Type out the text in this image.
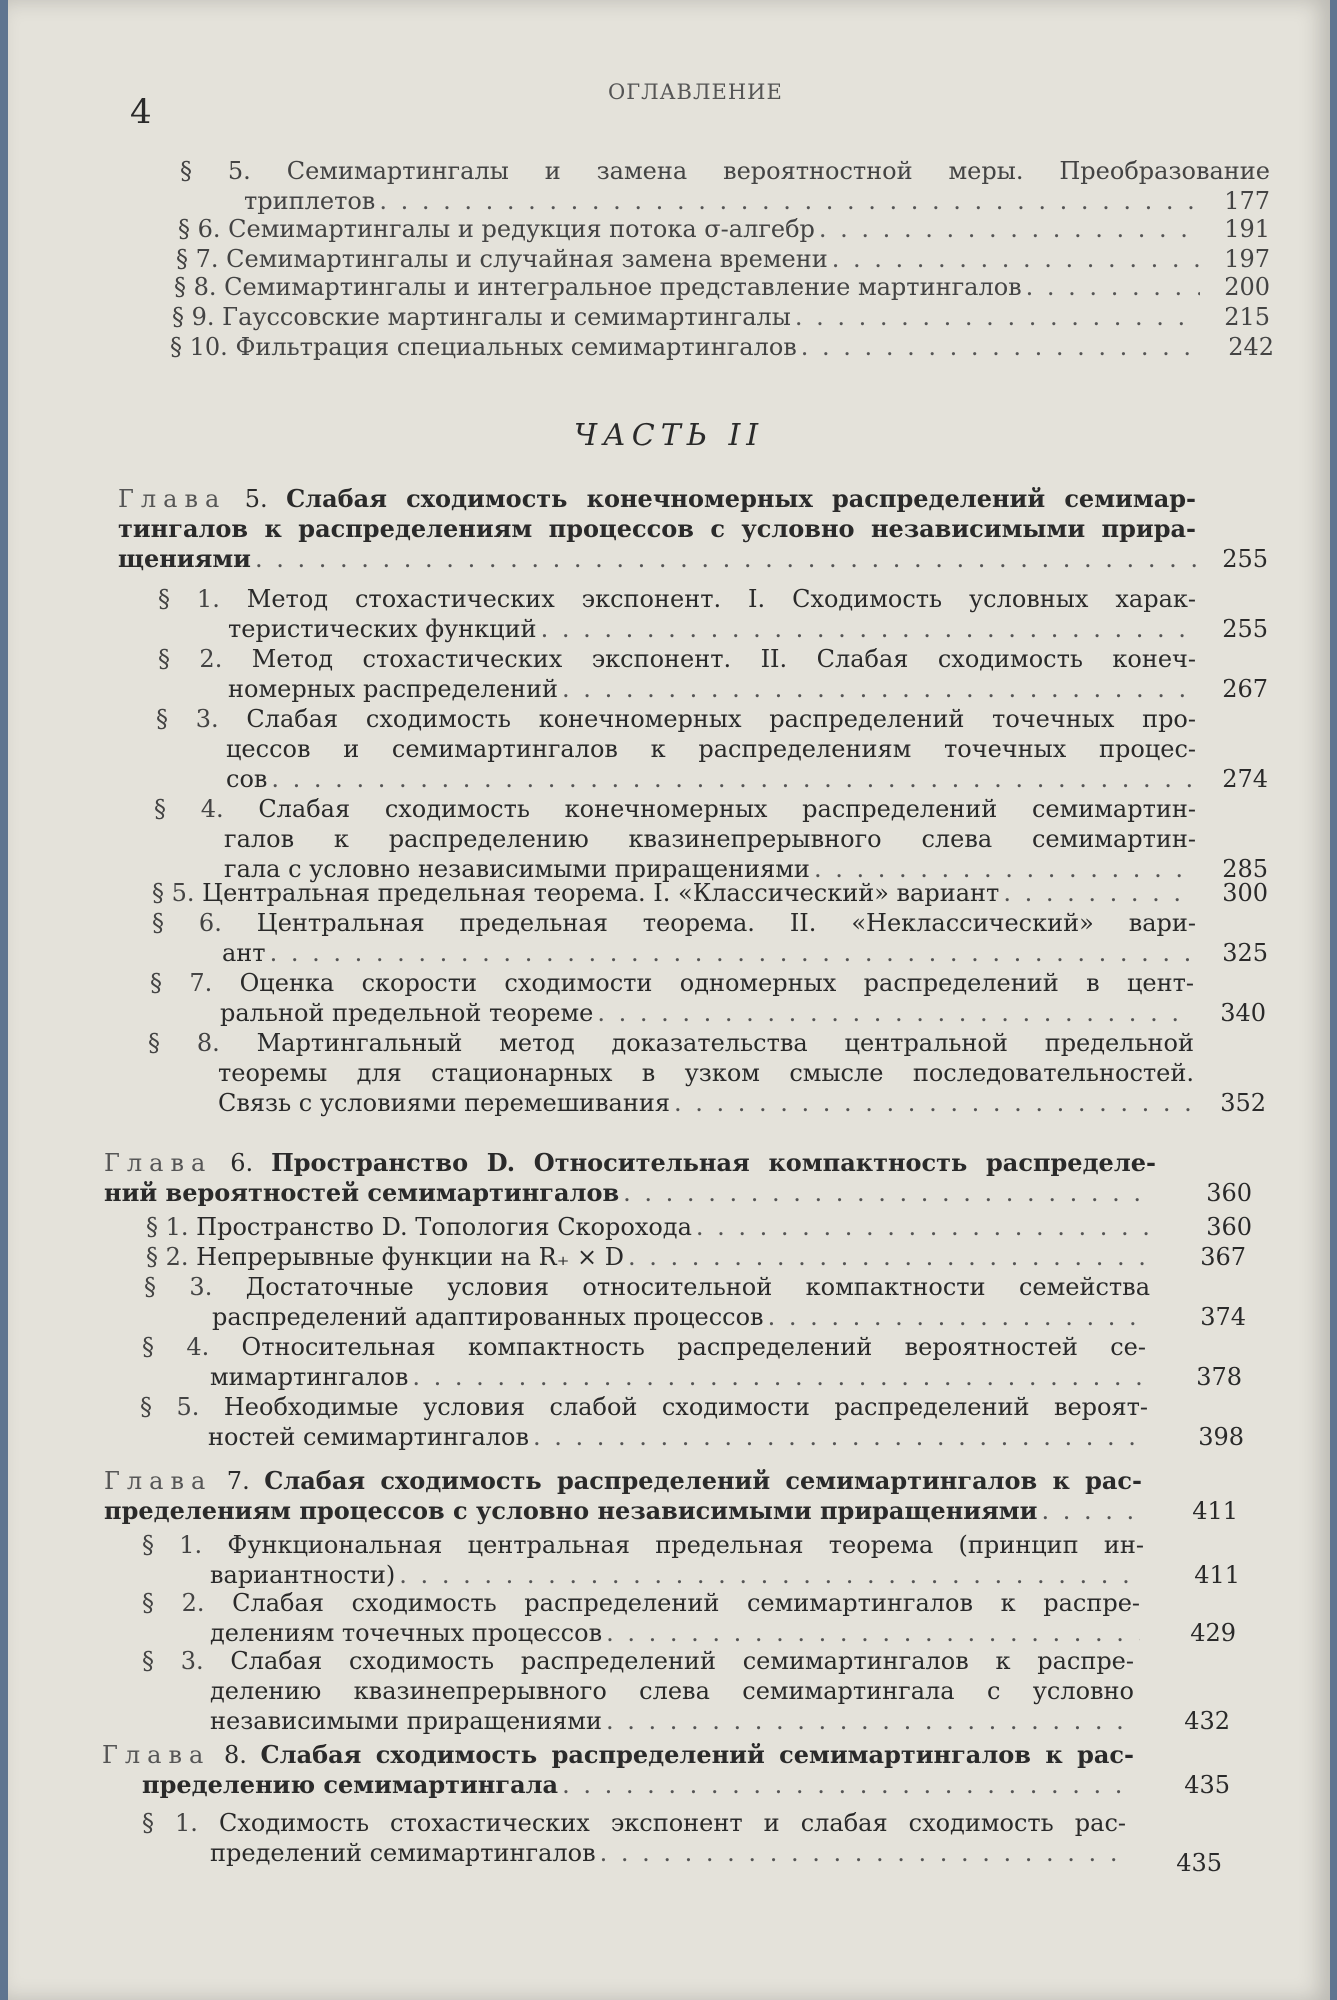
4	ОГЛАВЛЕНИЕ
§ 5. Семимартингалы и замена вероятностной меры. Преобразование
триплетов . . .	177
§ 6.
Семимартингалы и редукция потока σ-алгебр . . .	191
§ 7.
Семимартингалы и случайная замена времени . . .	197
§ 8.
Семимартингалы и интегральное представление мартингалов . . .	200
§ 9.
Гауссовские мартингалы и семимартингалы . . .	215
§ 10.
Фильтрация специальных семимартингалов . . .	242
ЧАСТЬ II
Глава 5. Слабая сходимость конечномерных распределений семимар-
тингалов к распределениям процессов с условно независимыми прира-
щениями . . .	255
§ 1. Метод стохастических экспонент. I. Сходимость условных харак-
теристических функций . . .	255
§ 2. Метод стохастических экспонент. II. Слабая сходимость конеч-
номерных распределений . . .	267
§ 3. Слабая сходимость конечномерных распределений точечных про-
цессов и семимартингалов к распределениям точечных процес-
сов . . .	274
§ 4. Слабая сходимость конечномерных распределений семимартин-
галов к распределению квазинепрерывного слева семимартин-
гала с условно независимыми приращениями . . .	285
§ 5.
Центральная предельная теорема. I. «Классический» вариант . . .	300
§ 6. Центральная предельная теорема. II. «Неклассический» вари-
ант . . .	325
§ 7. Оценка скорости сходимости одномерных распределений в цент-
ральной предельной теореме . . .	340
§ 8. Мартингальный метод доказательства центральной предельной
теоремы для стационарных в узком смысле последовательностей.
Связь с условиями перемешивания . . .	352
Глава 6. Пространство D. Относительная компактность распределе-
ний вероятностей семимартингалов . . .	360
§ 1.
Пространство D. Топология Скорохода . . .	360
§ 2.
Непрерывные функции на R₊ × D . . .	367
§ 3. Достаточные условия относительной компактности семейства
распределений адаптированных процессов . . .	374
§ 4. Относительная компактность распределений вероятностей се-
мимартингалов . . .	378
§ 5. Необходимые условия слабой сходимости распределений вероят-
ностей семимартингалов . . .	398
Глава 7. Слабая сходимость распределений семимартингалов к рас-
пределениям процессов с условно независимыми приращениями . . .	411
§ 1. Функциональная центральная предельная теорема (принцип ин-
вариантности) . . .	411
§ 2. Слабая сходимость распределений семимартингалов к распре-
делениям точечных процессов . . .	429
§ 3. Слабая сходимость распределений семимартингалов к распре-
делению квазинепрерывного слева семимартингала с условно
независимыми приращениями . . .	432
Глава 8. Слабая сходимость распределений семимартингалов к рас-
пределению семимартингала . . .	435
§ 1. Сходимость стохастических экспонент и слабая сходимость рас-
пределений семимартингалов . . .	435
